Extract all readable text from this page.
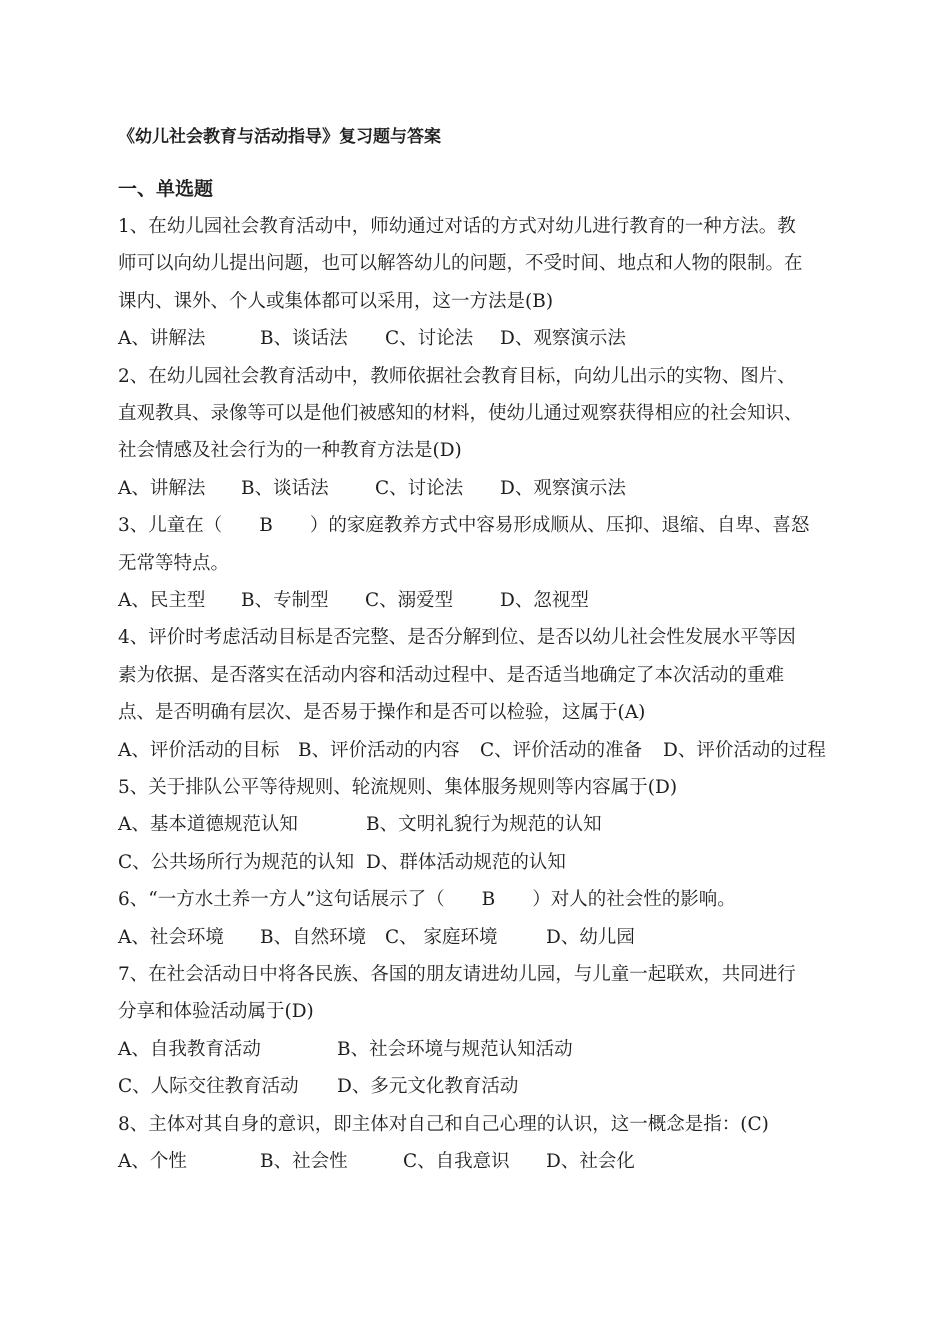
《幼儿社会教育与活动指导》复习题与答案
一、单选题
1、在幼儿园社会教育活动中，师幼通过对话的方式对幼儿进行教育的一种方法。教
师可以向幼儿提出问题，也可以解答幼儿的问题，不受时间、地点和人物的限制。在
课内、课外、个人或集体都可以采用，这一方法是(B)
A、讲解法	B、谈话法 C、讨论法 D、观察演示法
2、在幼儿园社会教育活动中，教师依据社会教育目标，向幼儿出示的实物、图片、
直观教具、录像等可以是他们被感知的材料，使幼儿通过观察获得相应的社会知识、
社会情感及社会行为的一种教育方法是(D)
A、讲解法 B、谈话法	C、讨论法 D、观察演示法
3、儿童在（　　B　　）的家庭教养方式中容易形成顺从、压抑、退缩、自卑、喜怒
无常等特点。
A、民主型 B、专制型 C、溺爱型	D、忽视型
4、评价时考虑活动目标是否完整、是否分解到位、是否以幼儿社会性发展水平等因
素为依据、是否落实在活动内容和活动过程中、是否适当地确定了本次活动的重难
点、是否明确有层次、是否易于操作和是否可以检验，这属于(A)
A、评价活动的目标 B、评价活动的内容 C、评价活动的准备 D、评价活动的过程
5、关于排队公平等待规则、轮流规则、集体服务规则等内容属于(D)
A、基本道德规范认知	B、文明礼貌行为规范的认知
C、公共场所行为规范的认知 D、群体活动规范的认知
6、“一方水土养一方人”这句话展示了（　　B　　）对人的社会性的影响。
A、社会环境 B、自然环境 C、 家庭环境	D、幼儿园
7、在社会活动日中将各民族、各国的朋友请进幼儿园，与儿童一起联欢，共同进行
分享和体验活动属于(D)
A、自我教育活动	B、社会环境与规范认知活动
C、人际交往教育活动 D、多元文化教育活动
8、主体对其自身的意识，即主体对自己和自己心理的认识，这一概念是指：(C)
A、个性	B、社会性	C、自我意识 D、社会化
